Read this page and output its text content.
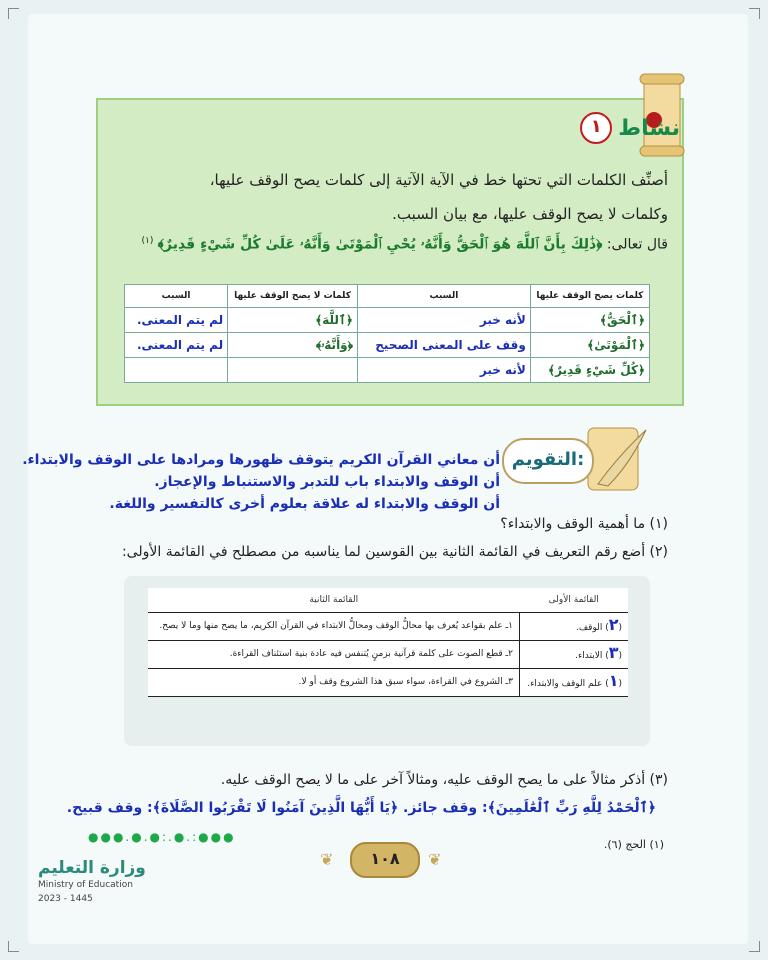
نشاط
١
أصنِّف الكلمات التي تحتها خط في الآية الآتية إلى كلمات يصح الوقف عليها،
وكلمات لا يصح الوقف عليها، مع بيان السبب.
قال تعالى: ﴿ذَٰلِكَ بِأَنَّ ٱللَّهَ هُوَ ٱلْحَقُّ وَأَنَّهُۥ يُحْيِ ٱلْمَوْتَىٰ وَأَنَّهُۥ عَلَىٰ كُلِّ شَيْءٍ قَدِيرٌ﴾ $^{(١)}$
كلمات يصح الوقف عليها	السبب	كلمات لا يصح الوقف عليها	السبب
﴿ٱلْحَقُّ﴾	لأنه خبر	﴿ٱللَّهَ﴾	لم يتم المعنى.
﴿ٱلْمَوْتَىٰ﴾	وقف على المعنى الصحيح	﴿وَأَنَّهُۥ﴾	لم يتم المعنى.
﴿كُلِّ شَيْءٍ قَدِيرٌ﴾	لأنه خبر		
التقويم:
أن معاني القرآن الكريم يتوقف ظهورها ومرادها على الوقف والابتداء.
أن الوقف والابتداء باب للتدبر والاستنباط والإعجاز.
أن الوقف والابتداء له علاقة بعلوم أخرى كالتفسير واللغة.
(١) ما أهمية الوقف والابتداء؟
(٢) أضع رقم التعريف في القائمة الثانية بين القوسين لما يناسبه من مصطلح في القائمة الأولى:
القائمة الأولى	القائمة الثانية
(٢) الوقف.	١ـ علم بقواعد يُعرف بها محالُّ الوقف ومحالُّ الابتداء في القرآن الكريم، ما يصح منها وما لا يصح.
(٣) الابتداء.	٢ـ قطع الصوت على كلمة قرآنية بزمنٍ يُتنفس فيه عادة بنية استئناف القراءة.
(١) علم الوقف والابتداء.	٣ـ الشروع في القراءة، سواء سبق هذا الشروع وقف أو لا.
(٣) أذكر مثالاً على ما يصح الوقف عليه، ومثالاً آخر على ما لا يصح الوقف عليه.
﴿ٱلْحَمْدُ لِلَّهِ رَبِّ ٱلْعَٰلَمِينَ﴾: وقف جائز. ﴿يَا أَيُّهَا الَّذِينَ آمَنُوا لَا تَقْرَبُوا الصَّلَاةَ﴾: وقف قبيح.
●●●.●.●:.●.:●●●
(١) الحج (٦).
❦	١٠٨	❦
وزارة التعليم
Ministry of Education
2023 - 1445
